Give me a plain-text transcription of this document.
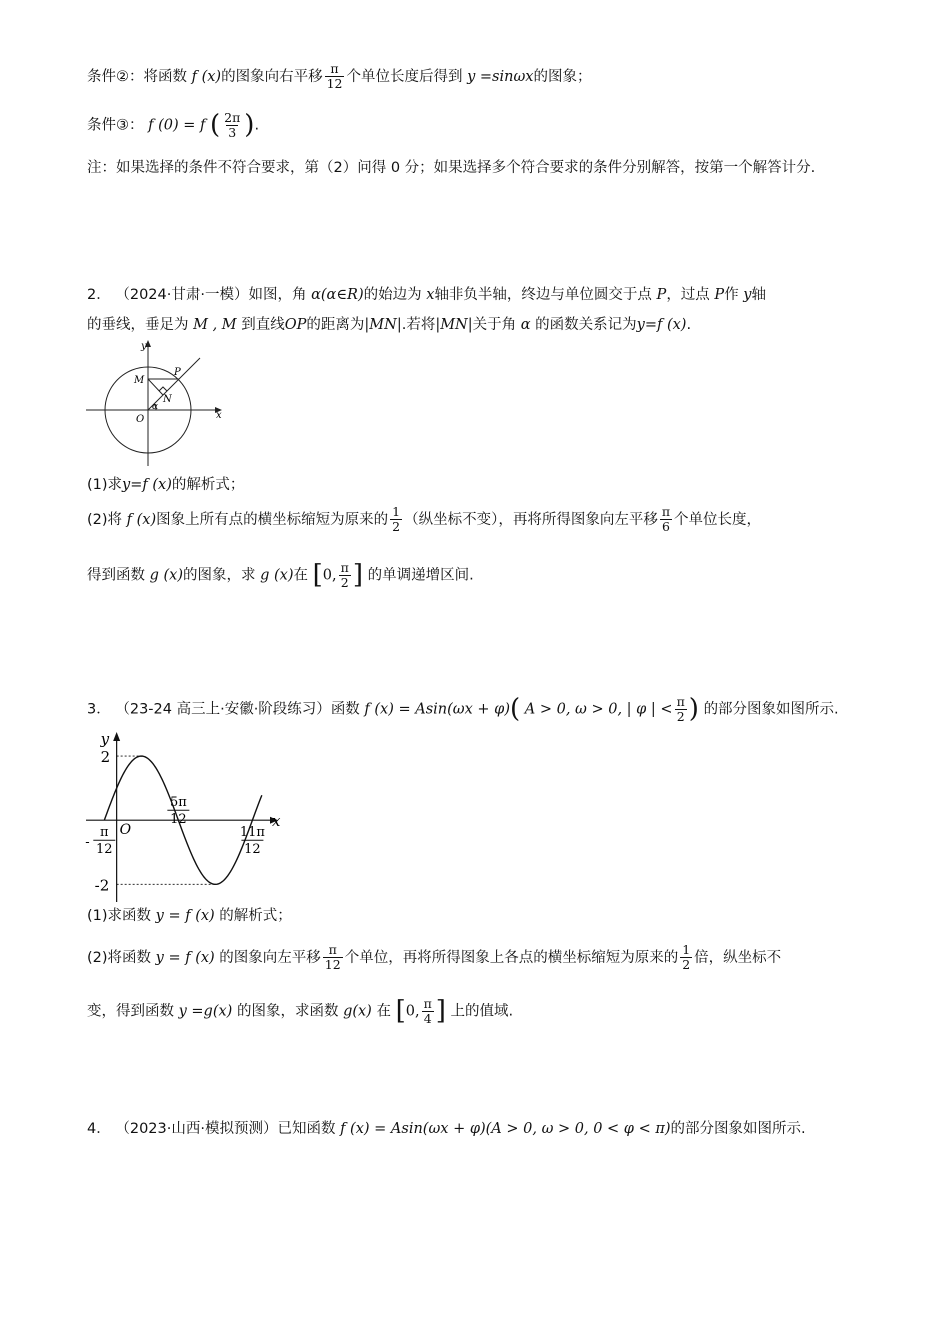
条件②：将函数 f (x)的图象向右平移 $\frac{\pi}{12}$ 个单位长度后得到 y =sinωx的图象；
条件③： f (0) = f ( $\frac{2\pi}{3}$ ).
注：如果选择的条件不符合要求，第（2）问得 0 分；如果选择多个符合要求的条件分别解答，按第一个解答计分.
2． （2024·甘肃·一模）如图，角 α(α∈R)的始边为 x轴非负半轴，终边与单位圆交于点 P，过点 P作 y轴
的垂线，垂足为 M , M 到直线OP的距离为|MN|.若将|MN|关于角 α 的函数关系记为y=f (x).
y
x
M
P
N
O
α
(1)求y=f (x)的解析式；
(2)将 f (x)图象上所有点的横坐标缩短为原来的 $\frac{1}{2}$ （纵坐标不变），再将所得图象向左平移 $\frac{\pi}{6}$ 个单位长度，
得到函数 g (x)的图象，求 g (x)在 [0, $\frac{\pi}{2}$ ] 的单调递增区间.
3． （23-24 高三上·安徽·阶段练习）函数 f (x) = Asin(ωx + φ)( A > 0, ω > 0, | φ | < $\frac{\pi}{2}$ ) 的部分图象如图所示.
x
y
O
2
-2
π
12
-
5π
12
11π
12
(1)求函数 y = f (x) 的解析式；
(2)将函数 y = f (x) 的图象向左平移 $\frac{\pi}{12}$ 个单位，再将所得图象上各点的横坐标缩短为原来的 $\frac{1}{2}$ 倍，纵坐标不
变，得到函数 y =g(x) 的图象，求函数 g(x) 在 [0, $\frac{\pi}{4}$ ] 上的值域.
4． （2023·山西·模拟预测）已知函数 f (x) = Asin(ωx + φ)(A > 0, ω > 0, 0 < φ < π)的部分图象如图所示.
